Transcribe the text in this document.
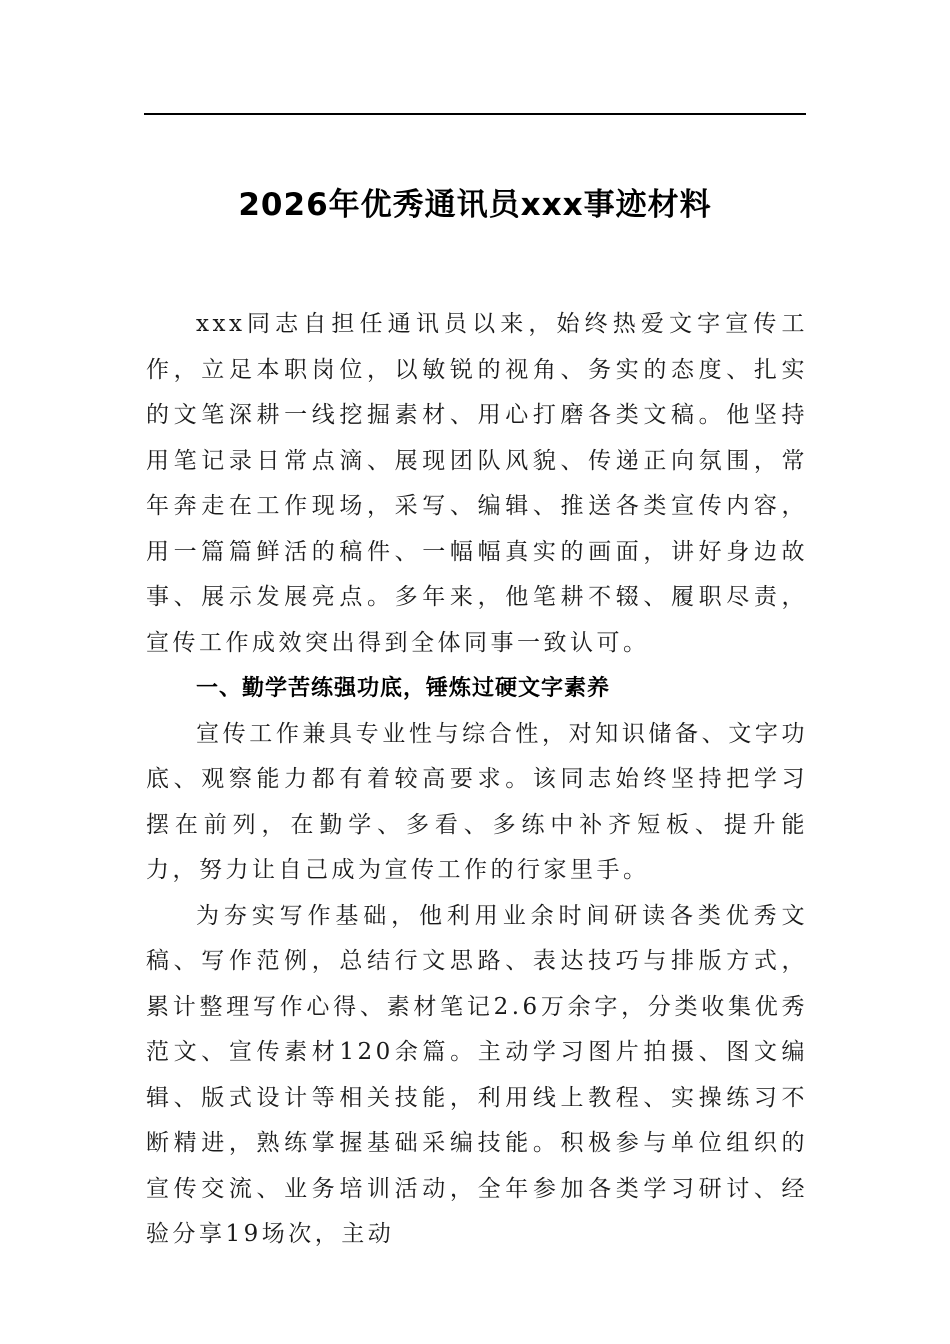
2026年优秀通讯员xxx事迹材料

xxx同志自担任通讯员以来，始终热爱文字宣传工作，立足本职岗位，以敏锐的视角、务实的态度、扎实的文笔深耕一线挖掘素材、用心打磨各类文稿。他坚持用笔记录日常点滴、展现团队风貌、传递正向氛围，常年奔走在工作现场，采写、编辑、推送各类宣传内容，用一篇篇鲜活的稿件、一幅幅真实的画面，讲好身边故事、展示发展亮点。多年来，他笔耕不辍、履职尽责，宣传工作成效突出得到全体同事一致认可。

一、勤学苦练强功底，锤炼过硬文字素养

宣传工作兼具专业性与综合性，对知识储备、文字功底、观察能力都有着较高要求。该同志始终坚持把学习摆在前列，在勤学、多看、多练中补齐短板、提升能力，努力让自己成为宣传工作的行家里手。

为夯实写作基础，他利用业余时间研读各类优秀文稿、写作范例，总结行文思路、表达技巧与排版方式，累计整理写作心得、素材笔记2.6万余字，分类收集优秀范文、宣传素材120余篇。主动学习图片拍摄、图文编辑、版式设计等相关技能，利用线上教程、实操练习不断精进，熟练掌握基础采编技能。积极参与单位组织的宣传交流、业务培训活动，全年参加各类学习研讨、经验分享19场次，主动
